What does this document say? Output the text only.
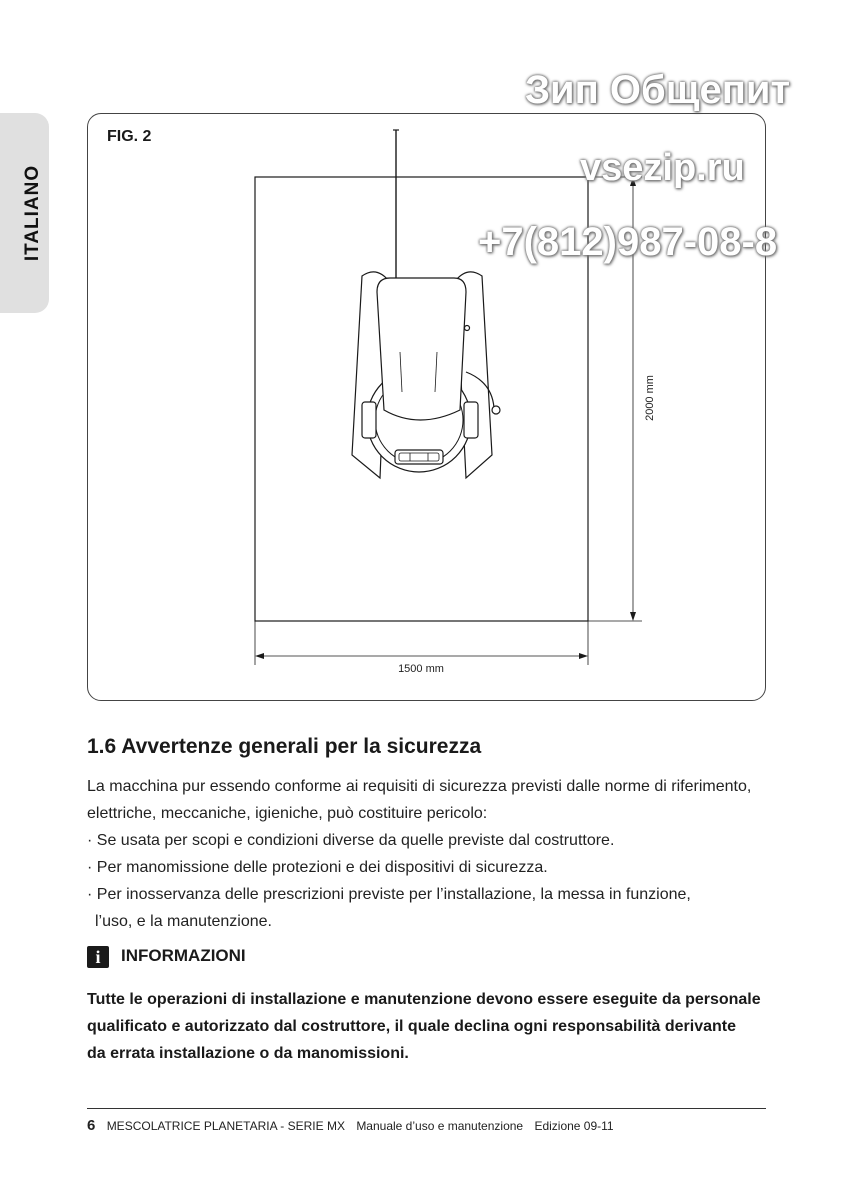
ITALIANO
FIG. 2
2000 mm
1500 mm
Зип Общепит
vsezip.ru
+7(812)987-08-8
1.6 Avvertenze generali per la sicurezza

La macchina pur essendo conforme ai requisiti di sicurezza previsti dalle norme di riferimento,

elettriche, meccaniche, igieniche, può costituire pericolo:

· Se usata per scopi e condizioni diverse da quelle previste dal costruttore.

· Per manomissione delle protezioni e dei dispositivi di sicurezza.

· Per inosservanza delle prescrizioni previste per l’installazione, la messa in funzione,

l’uso, e la manutenzione.

i	INFORMAZIONI
Tutte le operazioni di installazione e manutenzione devono essere eseguite da personale
qualificato e autorizzato dal costruttore, il quale declina ogni responsabilità derivante
da errata installazione o da manomissioni.
6 MESCOLATRICE PLANETARIA - SERIE MX Manuale d’uso e manutenzione Edizione 09-11
